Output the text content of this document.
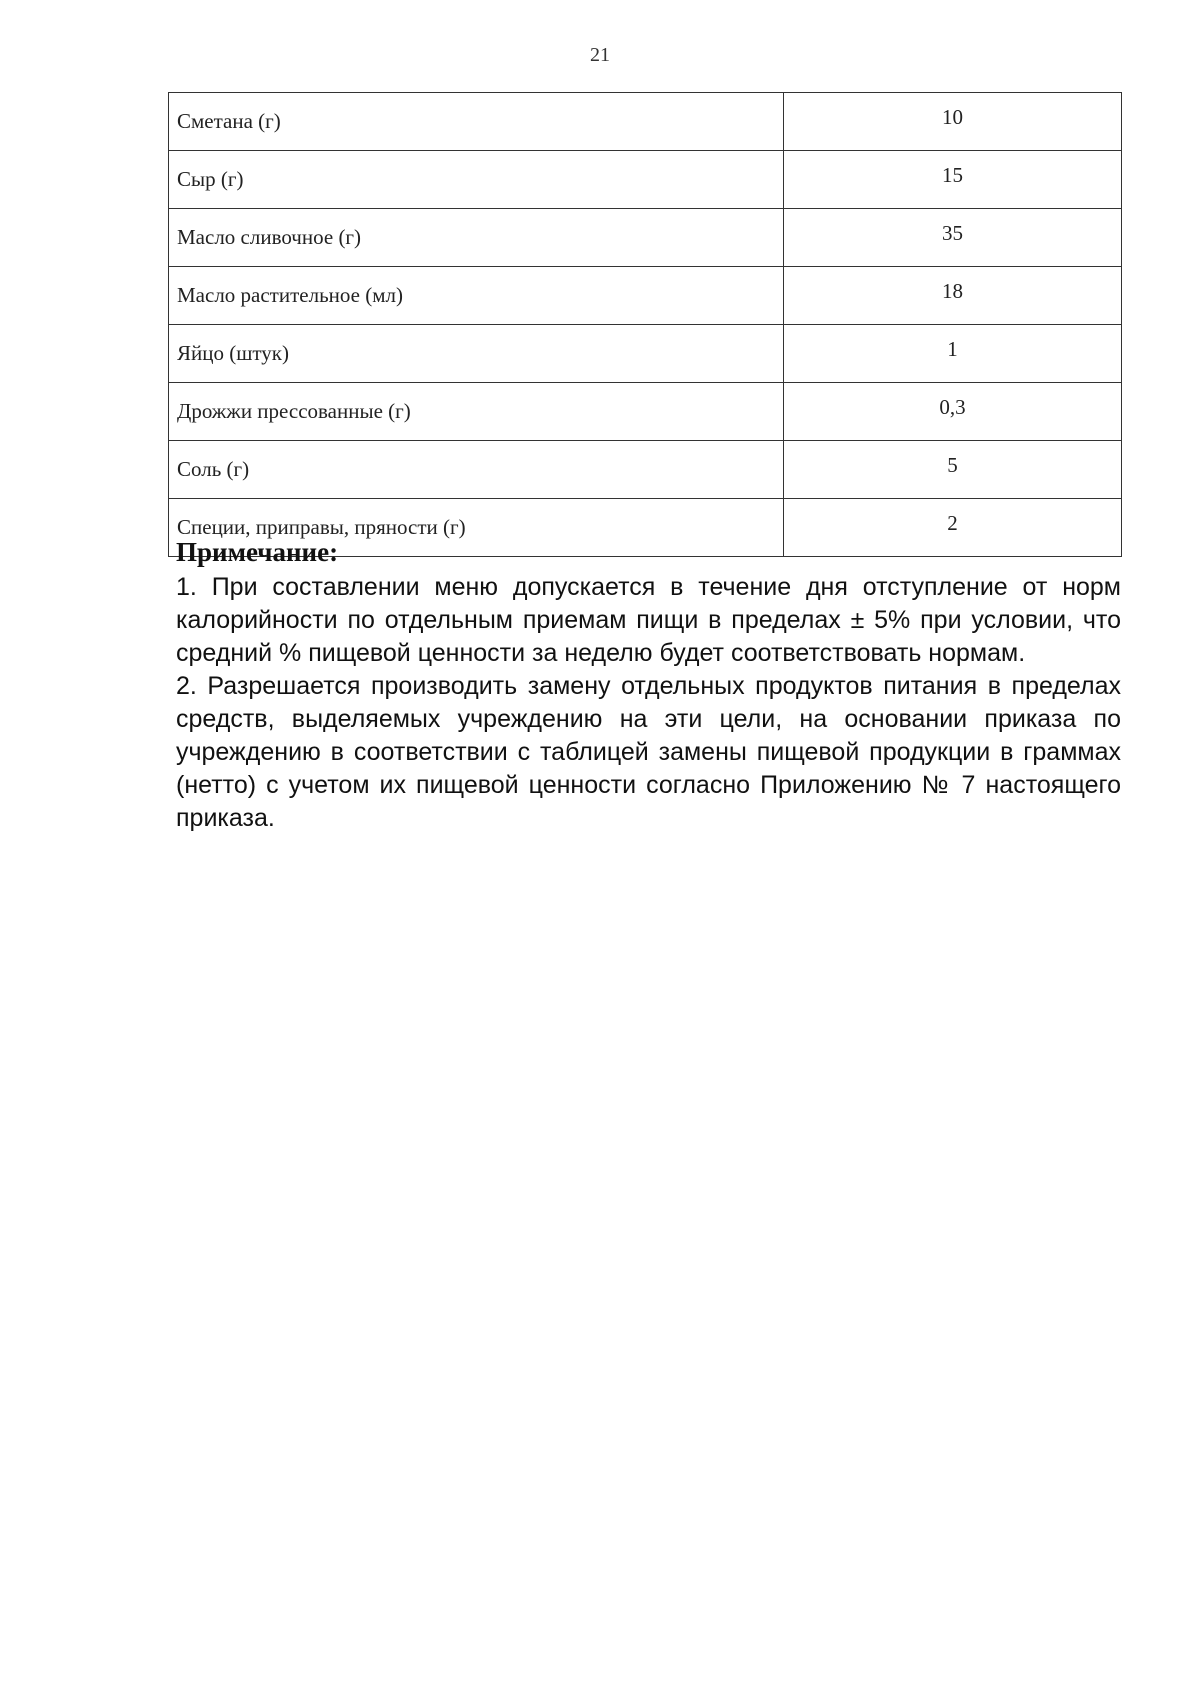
21
Сметана (г)	10
Сыр (г)	15
Масло сливочное (г)	35
Масло растительное (мл)	18
Яйцо (штук)	1
Дрожжи прессованные (г)	0,3
Соль (г)	5
Специи, приправы, пряности (г)	2
Примечание:

1. При составлении меню допускается в течение дня отступление от норм калорийности по отдельным приемам пищи в пределах ± 5% при условии, что средний % пищевой ценности за неделю будет соответствовать нормам.

2. Разрешается производить замену отдельных продуктов питания в пределах средств, выделяемых учреждению на эти цели, на основании приказа по учреждению в соответствии с таблицей замены пищевой продукции в граммах (нетто) с учетом их пищевой ценности согласно Приложению № 7 настоящего приказа.
